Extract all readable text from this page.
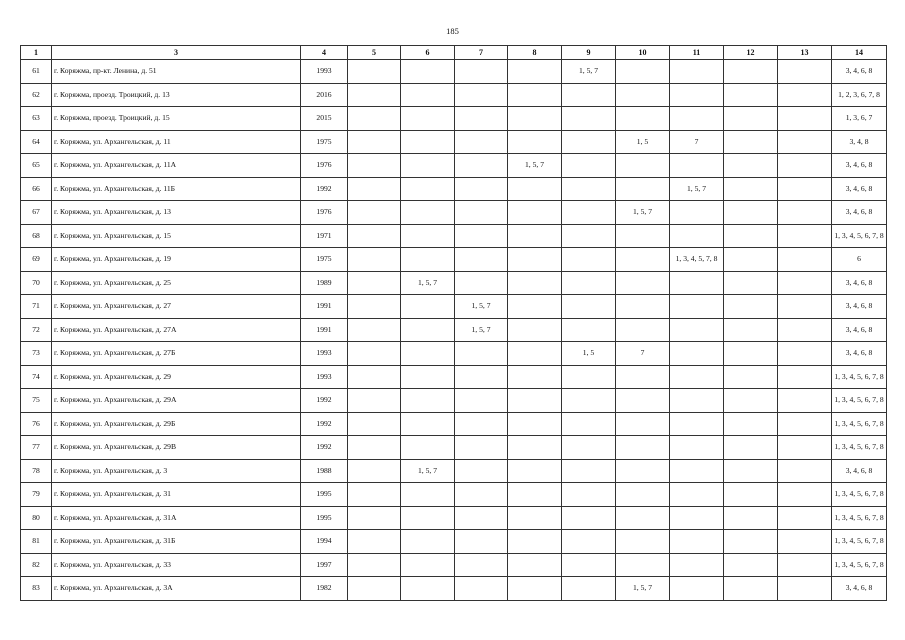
185
1	3	4	5	6	7	8	9	10	11	12	13	14
61	г. Коряжма, пр-кт. Ленина, д. 51	1993					1, 5, 7					3, 4, 6, 8
62	г. Коряжма, проезд. Троицкий, д. 13	2016										1, 2, 3, 6, 7, 8
63	г. Коряжма, проезд. Троицкий, д. 15	2015										1, 3, 6, 7
64	г. Коряжма, ул. Архангельская, д. 11	1975						1, 5	7			3, 4, 8
65	г. Коряжма, ул. Архангельская, д. 11А	1976				1, 5, 7						3, 4, 6, 8
66	г. Коряжма, ул. Архангельская, д. 11Б	1992							1, 5, 7			3, 4, 6, 8
67	г. Коряжма, ул. Архангельская, д. 13	1976						1, 5, 7				3, 4, 6, 8
68	г. Коряжма, ул. Архангельская, д. 15	1971										1, 3, 4, 5, 6, 7, 8
69	г. Коряжма, ул. Архангельская, д. 19	1975							1, 3, 4, 5, 7, 8			6
70	г. Коряжма, ул. Архангельская, д. 25	1989		1, 5, 7								3, 4, 6, 8
71	г. Коряжма, ул. Архангельская, д. 27	1991			1, 5, 7							3, 4, 6, 8
72	г. Коряжма, ул. Архангельская, д. 27А	1991			1, 5, 7							3, 4, 6, 8
73	г. Коряжма, ул. Архангельская, д. 27Б	1993					1, 5	7				3, 4, 6, 8
74	г. Коряжма, ул. Архангельская, д. 29	1993										1, 3, 4, 5, 6, 7, 8
75	г. Коряжма, ул. Архангельская, д. 29А	1992										1, 3, 4, 5, 6, 7, 8
76	г. Коряжма, ул. Архангельская, д. 29Б	1992										1, 3, 4, 5, 6, 7, 8
77	г. Коряжма, ул. Архангельская, д. 29В	1992										1, 3, 4, 5, 6, 7, 8
78	г. Коряжма, ул. Архангельская, д. 3	1988		1, 5, 7								3, 4, 6, 8
79	г. Коряжма, ул. Архангельская, д. 31	1995										1, 3, 4, 5, 6, 7, 8
80	г. Коряжма, ул. Архангельская, д. 31А	1995										1, 3, 4, 5, 6, 7, 8
81	г. Коряжма, ул. Архангельская, д. 31Б	1994										1, 3, 4, 5, 6, 7, 8
82	г. Коряжма, ул. Архангельская, д. 33	1997										1, 3, 4, 5, 6, 7, 8
83	г. Коряжма, ул. Архангельская, д. 3А	1982						1, 5, 7				3, 4, 6, 8
